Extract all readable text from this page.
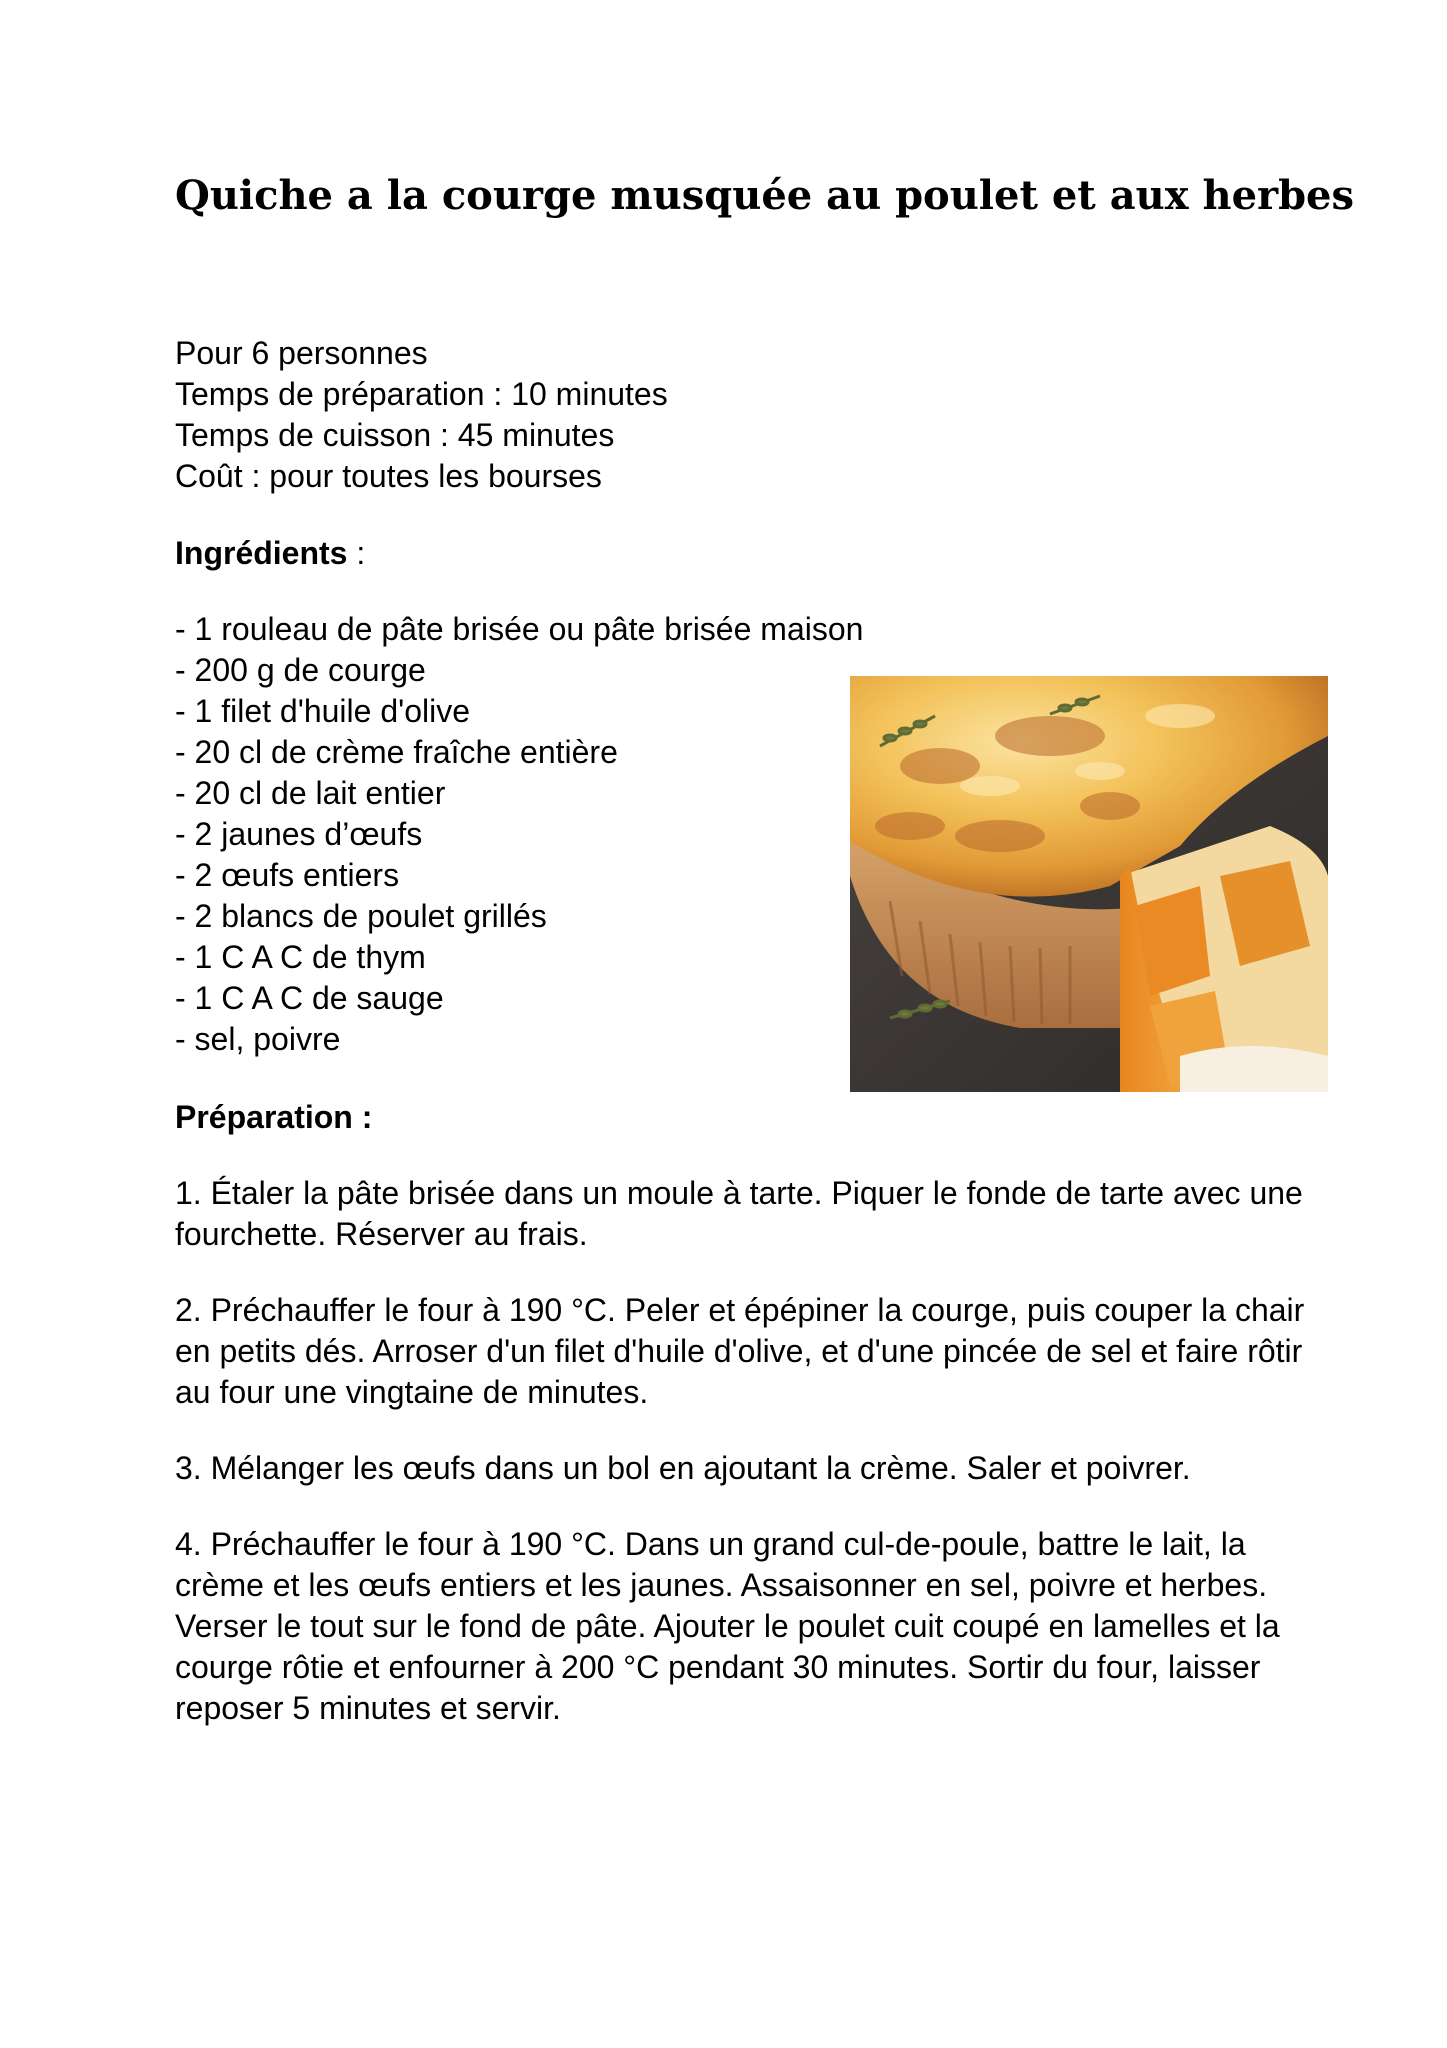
Quiche a la courge musquée au poulet et aux herbes
Pour 6 personnes
Temps de préparation : 10 minutes
Temps de cuisson : 45 minutes
Coût : pour toutes les bourses
Ingrédients :
- 1 rouleau de pâte brisée ou pâte brisée maison
- 200 g de courge
- 1 filet d'huile d'olive
- 20 cl de crème fraîche entière
- 20 cl de lait entier
- 2 jaunes d’œufs
- 2 œufs entiers
- 2 blancs de poulet grillés
- 1 C A C de thym
- 1 C A C de sauge
- sel, poivre
Préparation :

1. Étaler la pâte brisée dans un moule à tarte. Piquer le fonde de tarte avec une fourchette. Réserver au frais.

2. Préchauffer le four à 190 °C. Peler et épépiner la courge, puis couper la chair en petits dés. Arroser d'un filet d'huile d'olive, et d'une pincée de sel et faire rôtir au four une vingtaine de minutes.

3. Mélanger les œufs dans un bol en ajoutant la crème. Saler et poivrer.

4. Préchauffer le four à 190 °C. Dans un grand cul-de-poule, battre le lait, la crème et les œufs entiers et les jaunes. Assaisonner en sel, poivre et herbes. Verser le tout sur le fond de pâte. Ajouter le poulet cuit coupé en lamelles et la courge rôtie et enfourner à 200 °C pendant 30 minutes. Sortir du four, laisser reposer 5 minutes et servir.
